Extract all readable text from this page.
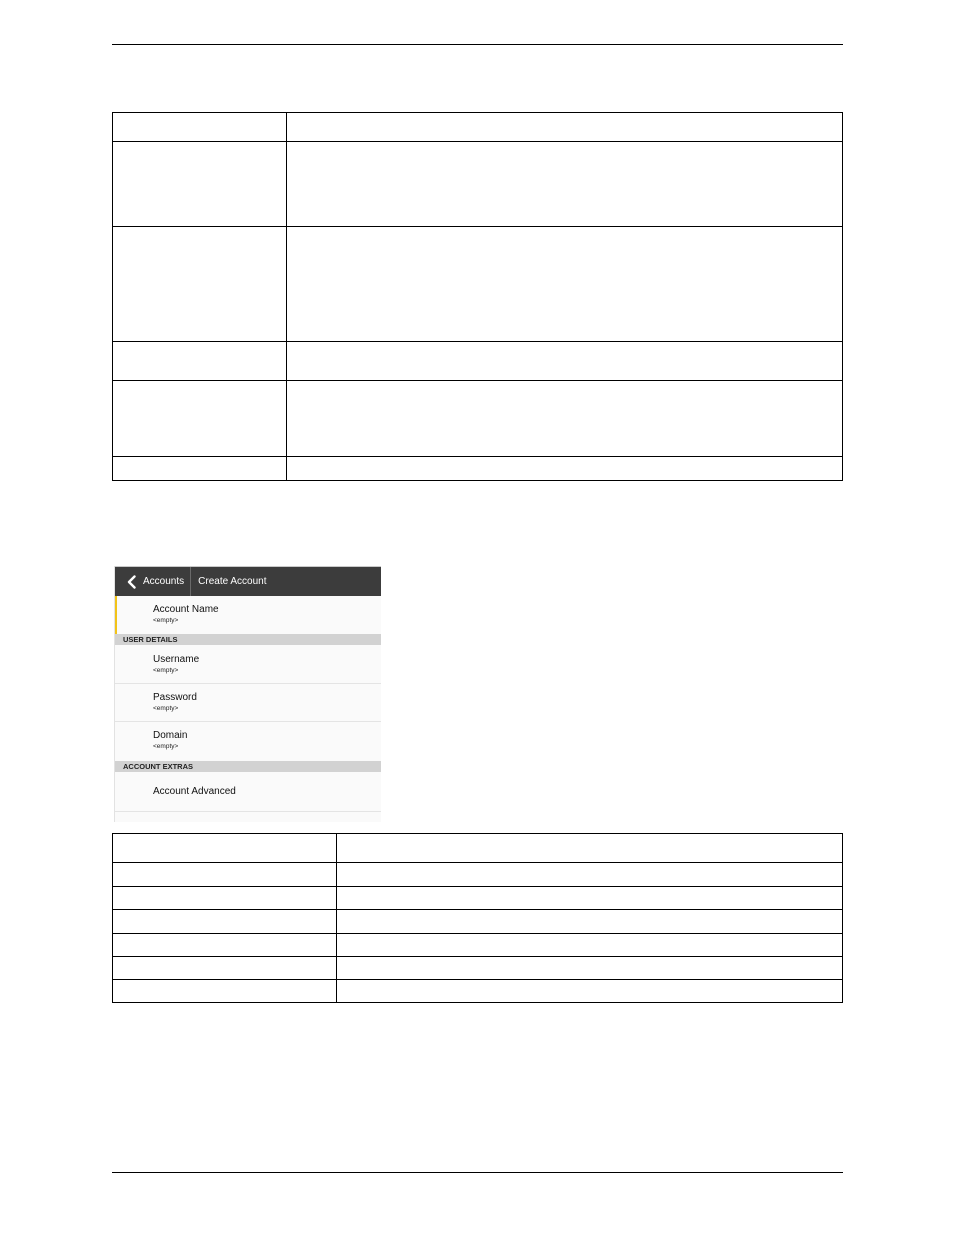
Accounts	Create Account
Account Name
<empty>
USER DETAILS
Username
<empty>
Password
<empty>
Domain
<empty>
ACCOUNT EXTRAS
Account Advanced
